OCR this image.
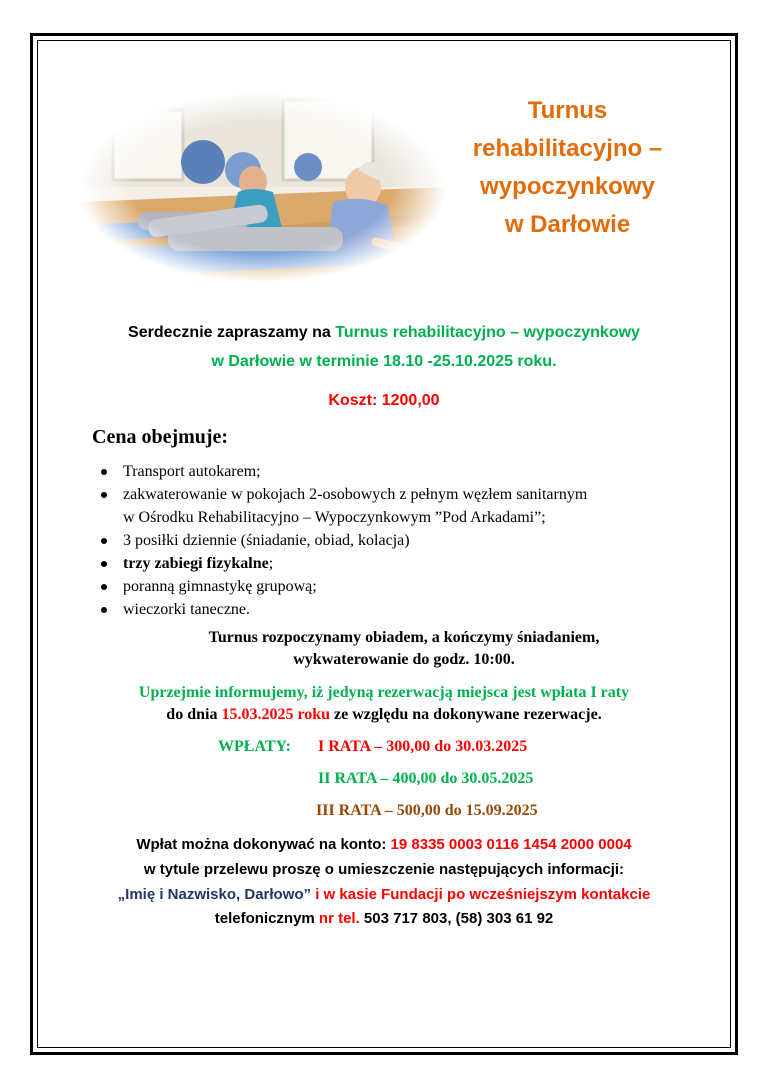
Turnus
rehabilitacyjno –
wypoczynkowy
w Darłowie
Serdecznie zapraszamy na Turnus rehabilitacyjno – wypoczynkowy
w Darłowie w terminie 18.10 -25.10.2025 roku.
Koszt: 1200,00
Cena obejmuje:
Transport autokarem;
zakwaterowanie w pokojach 2-osobowych z pełnym węzłem sanitarnym
w Ośrodku Rehabilitacyjno – Wypoczynkowym ”Pod Arkadami”;
3 posiłki dziennie (śniadanie, obiad, kolacja)
trzy zabiegi fizykalne;
poranną gimnastykę grupową;
wieczorki taneczne.
Turnus rozpoczynamy obiadem, a kończymy śniadaniem,
wykwaterowanie do godz. 10:00.
Uprzejmie informujemy, iż jedyną rezerwacją miejsca jest wpłata I raty
do dnia 15.03.2025 roku ze względu na dokonywane rezerwacje.
WPŁATY: I RATA – 300,00 do 30.03.2025
II RATA – 400,00 do 30.05.2025
III RATA – 500,00 do 15.09.2025
Wpłat można dokonywać na konto: 19 8335 0003 0116 1454 2000 0004
w tytule przelewu proszę o umieszczenie następujących informacji:
„Imię i Nazwisko, Darłowo” i w kasie Fundacji po wcześniejszym kontakcie
telefonicznym nr tel. 503 717 803, (58) 303 61 92
